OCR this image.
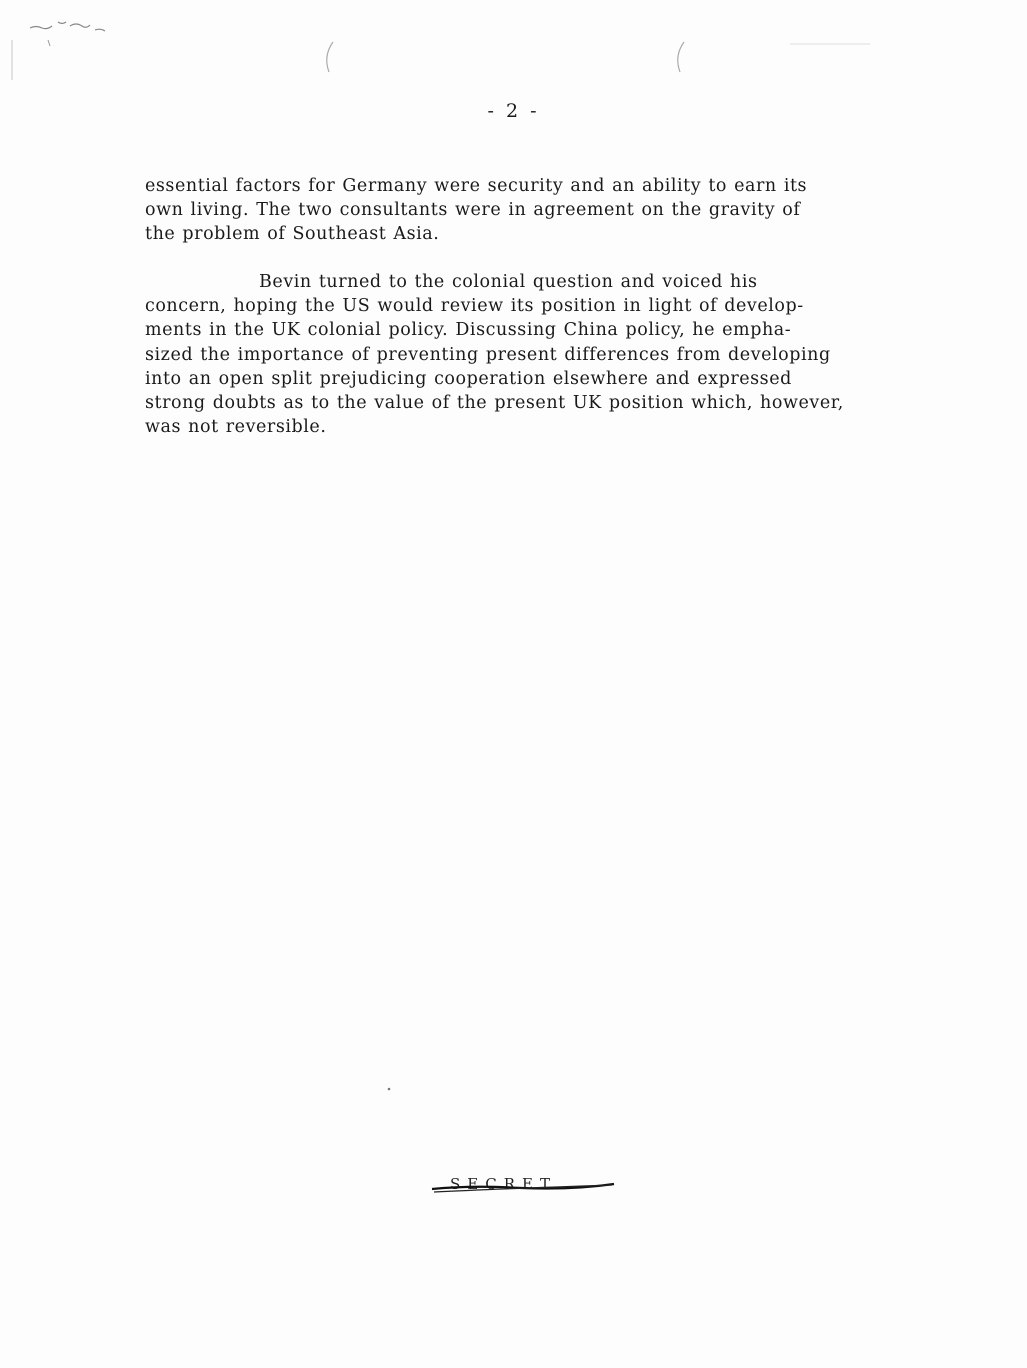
- 2 -

essential factors for Germany were security and an ability to earn its
own living. The two consultants were in agreement on the gravity of
the problem of Southeast Asia.

Bevin turned to the colonial question and voiced his
concern, hoping the US would review its position in light of develop-
ments in the UK colonial policy. Discussing China policy, he empha-
sized the importance of preventing present differences from developing
into an open split prejudicing cooperation elsewhere and expressed
strong doubts as to the value of the present UK position which, however,
was not reversible.

SECRET
